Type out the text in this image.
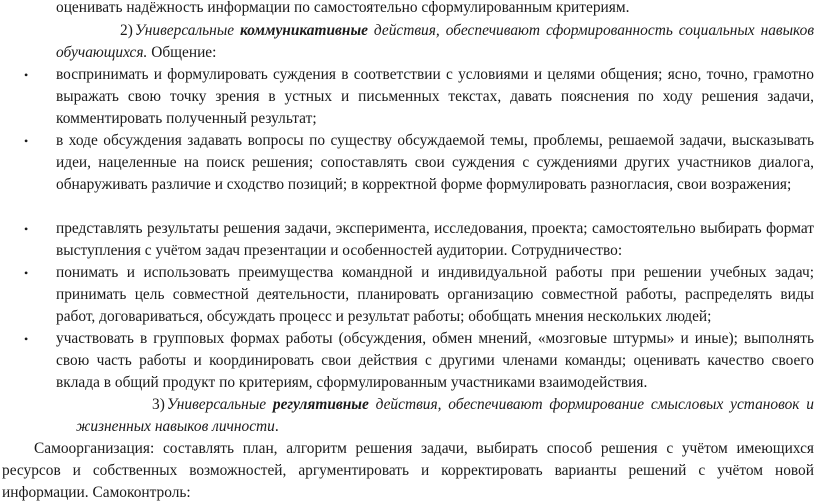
оценивать надёжность информации по самостоятельно сформулированным критериям.

2) Универсальные коммуникативные действия, обеспечивают сформированность социальных навыков обучающихся. Общение:

• воспринимать и формулировать суждения в соответствии с условиями и целями общения; ясно, точно, грамотно выражать свою точку зрения в устных и письменных текстах, давать пояснения по ходу решения задачи, комментировать полученный результат;

• в ходе обсуждения задавать вопросы по существу обсуждаемой темы, проблемы, решаемой задачи, высказывать идеи, нацеленные на поиск решения; сопоставлять свои суждения с суждениями других участников диалога, обнаруживать различие и сходство позиций; в корректной форме формулировать разногласия, свои возражения;

• представлять результаты решения задачи, эксперимента, исследования, проекта; самостоятельно выбирать формат выступления с учётом задач презентации и особенностей аудитории. Сотрудничество:

• понимать и использовать преимущества командной и индивидуальной работы при решении учебных задач; принимать цель совместной деятельности, планировать организацию совместной работы, распределять виды работ, договариваться, обсуждать процесс и результат работы; обобщать мнения нескольких людей;

• участвовать в групповых формах работы (обсуждения, обмен мнений, «мозговые штурмы» и иные); выполнять свою часть работы и координировать свои действия с другими членами команды; оценивать качество своего вклада в общий продукт по критериям, сформулированным участниками взаимодействия.

3) Универсальные регулятивные действия, обеспечивают формирование смысловых установок и жизненных навыков личности.

Самоорганизация: составлять план, алгоритм решения задачи, выбирать способ решения с учётом имеющихся ресурсов и собственных возможностей, аргументировать и корректировать варианты решений с учётом новой информации. Самоконтроль:
